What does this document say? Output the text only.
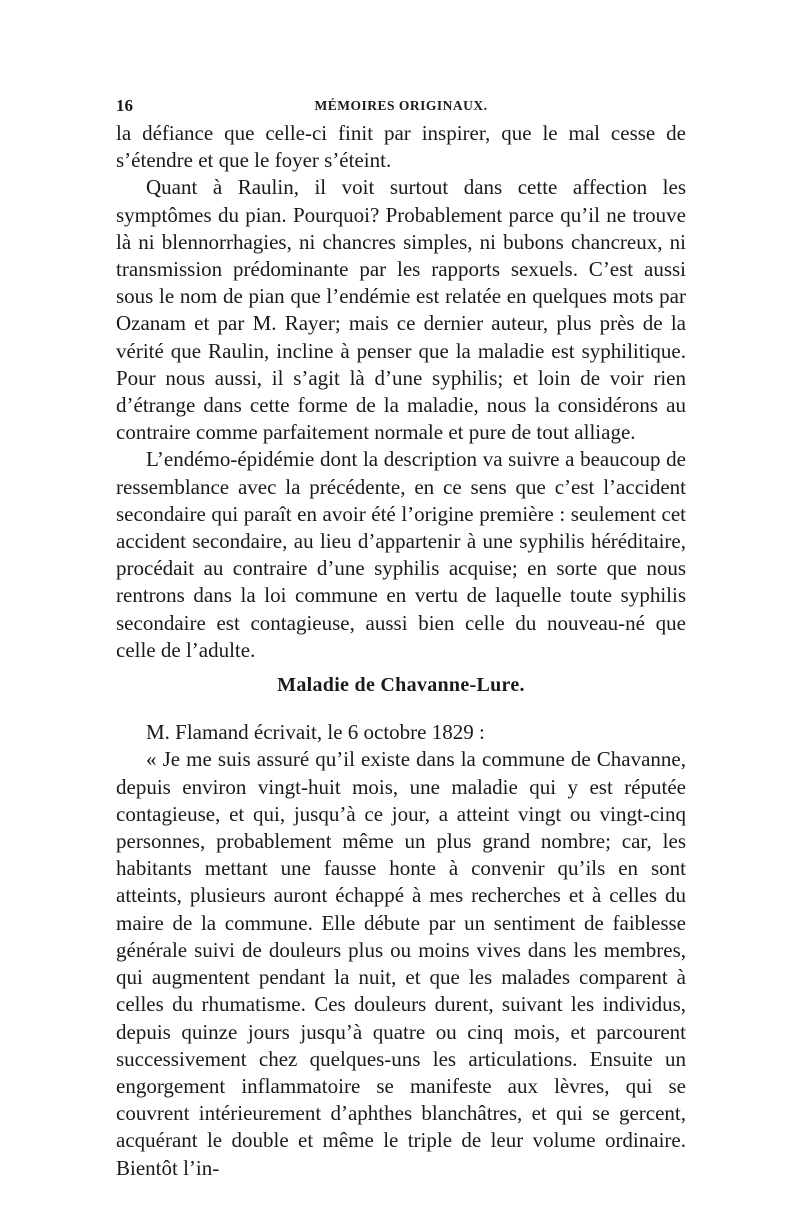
16	MÉMOIRES ORIGINAUX.

la défiance que celle-ci finit par inspirer, que le mal cesse de s’étendre et que le foyer s’éteint.

Quant à Raulin, il voit surtout dans cette affection les symptômes du pian. Pourquoi? Probablement parce qu’il ne trouve là ni blennorrhagies, ni chancres simples, ni bubons chancreux, ni transmission prédominante par les rapports sexuels. C’est aussi sous le nom de pian que l’endémie est relatée en quelques mots par Ozanam et par M. Rayer; mais ce dernier auteur, plus près de la vérité que Raulin, incline à penser que la maladie est syphilitique. Pour nous aussi, il s’agit là d’une syphilis; et loin de voir rien d’étrange dans cette forme de la maladie, nous la considérons au contraire comme parfaitement normale et pure de tout alliage.

L’endémo-épidémie dont la description va suivre a beaucoup de ressemblance avec la précédente, en ce sens que c’est l’accident secondaire qui paraît en avoir été l’origine première : seulement cet accident secondaire, au lieu d’appartenir à une syphilis héréditaire, procédait au contraire d’une syphilis acquise; en sorte que nous rentrons dans la loi commune en vertu de laquelle toute syphilis secondaire est contagieuse, aussi bien celle du nouveau-né que celle de l’adulte.

Maladie de Chavanne-Lure.

M. Flamand écrivait, le 6 octobre 1829 :

« Je me suis assuré qu’il existe dans la commune de Chavanne, depuis environ vingt-huit mois, une maladie qui y est réputée contagieuse, et qui, jusqu’à ce jour, a atteint vingt ou vingt-cinq personnes, probablement même un plus grand nombre; car, les habitants mettant une fausse honte à convenir qu’ils en sont atteints, plusieurs auront échappé à mes recherches et à celles du maire de la commune. Elle débute par un sentiment de faiblesse générale suivi de douleurs plus ou moins vives dans les membres, qui augmentent pendant la nuit, et que les malades comparent à celles du rhumatisme. Ces douleurs durent, suivant les individus, depuis quinze jours jusqu’à quatre ou cinq mois, et parcourent successivement chez quelques-uns les articulations. Ensuite un engorgement inflammatoire se manifeste aux lèvres, qui se couvrent intérieurement d’aphthes blanchâtres, et qui se gercent, acquérant le double et même le triple de leur volume ordinaire. Bientôt l’in-
